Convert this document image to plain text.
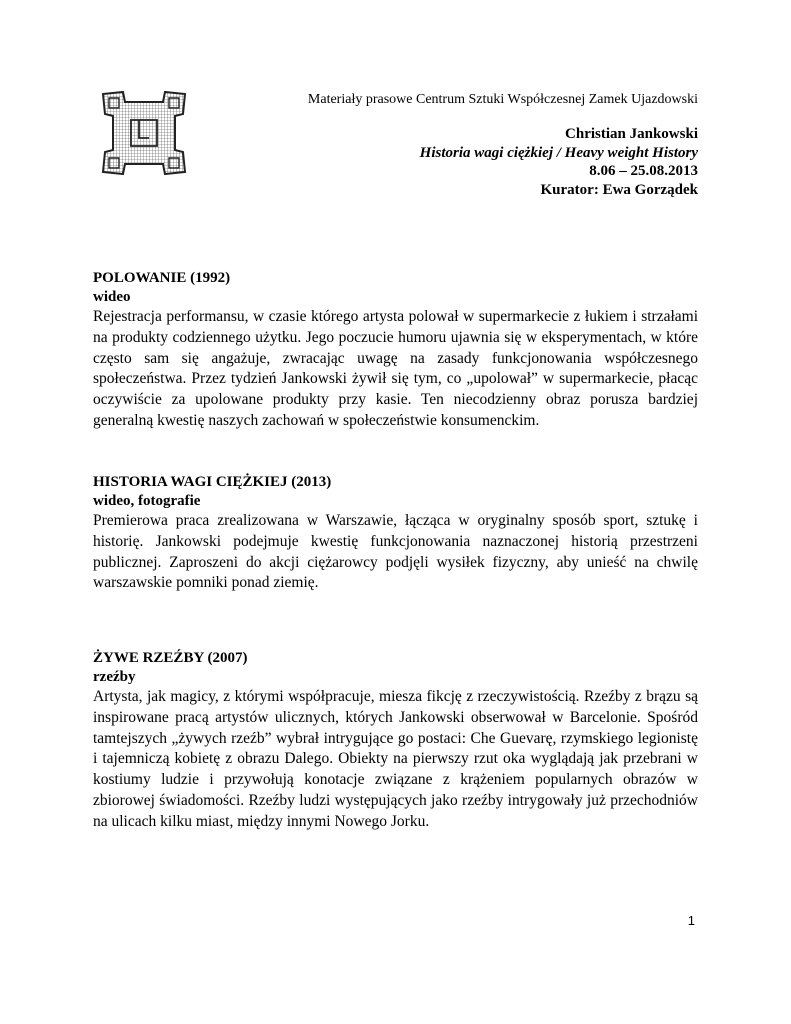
Materiały prasowe Centrum Sztuki Współczesnej Zamek Ujazdowski
Christian Jankowski
Historia wagi ciężkiej / Heavy weight History
8.06 – 25.08.2013
Kurator: Ewa Gorządek
POLOWANIE (1992)
wideo

Rejestracja performansu, w czasie którego artysta polował w supermarkecie z łukiem i strzałami na produkty codziennego użytku. Jego poczucie humoru ujawnia się w eksperymentach, w które często sam się angażuje, zwracając uwagę na zasady funkcjonowania współczesnego społeczeństwa. Przez tydzień Jankowski żywił się tym, co „upolował” w supermarkecie, płacąc oczywiście za upolowane produkty przy kasie. Ten niecodzienny obraz porusza bardziej generalną kwestię naszych zachowań w społeczeństwie konsumenckim.

HISTORIA WAGI CIĘŻKIEJ (2013)
wideo, fotografie

Premierowa praca zrealizowana w Warszawie, łącząca w oryginalny sposób sport, sztukę i historię. Jankowski podejmuje kwestię funkcjonowania naznaczonej historią przestrzeni publicznej. Zaproszeni do akcji ciężarowcy podjęli wysiłek fizyczny, aby unieść na chwilę warszawskie pomniki ponad ziemię.

ŻYWE RZEŹBY (2007)
rzeźby

Artysta, jak magicy, z którymi współpracuje, miesza fikcję z rzeczywistością. Rzeźby z brązu są inspirowane pracą artystów ulicznych, których Jankowski obserwował w Barcelonie. Spośród tamtejszych „żywych rzeźb” wybrał intrygujące go postaci: Che Guevarę, rzymskiego legionistę i tajemniczą kobietę z obrazu Dalego. Obiekty na pierwszy rzut oka wyglądają jak przebrani w kostiumy ludzie i przywołują konotacje związane z krążeniem popularnych obrazów w zbiorowej świadomości. Rzeźby ludzi występujących jako rzeźby intrygowały już przechodniów na ulicach kilku miast, między innymi Nowego Jorku.

1
